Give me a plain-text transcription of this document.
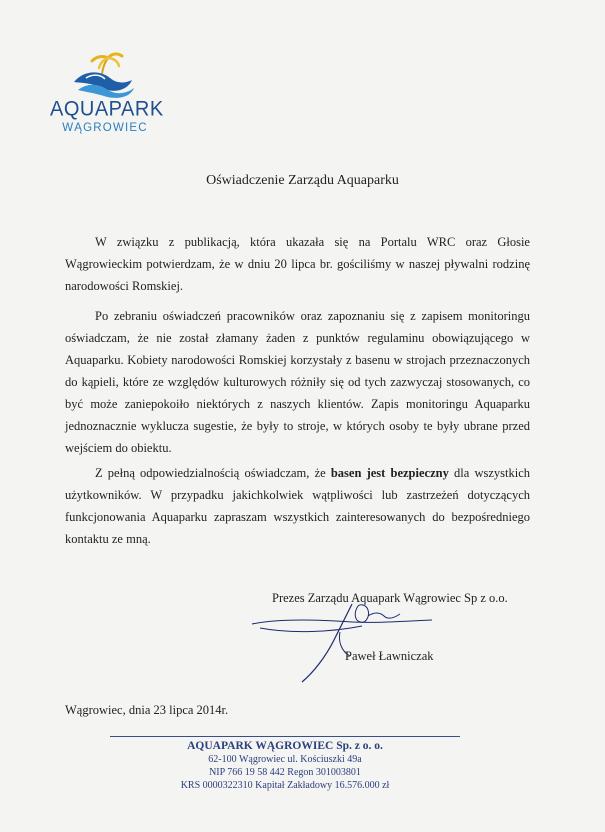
AQUAPARK
WĄGROWIEC
Oświadczenie Zarządu Aquaparku

W związku z publikacją, która ukazała się na Portalu WRC oraz Głosie Wągrowieckim potwierdzam, że w dniu 20 lipca br. gościliśmy w naszej pływalni rodzinę narodowości Romskiej.

Po zebraniu oświadczeń pracowników oraz zapoznaniu się z zapisem monitoringu oświadczam, że nie został złamany żaden z punktów regulaminu obowiązującego w Aquaparku. Kobiety narodowości Romskiej korzystały z basenu w strojach przeznaczonych do kąpieli, które ze względów kulturowych różniły się od tych zazwyczaj stosowanych, co być może zaniepokoiło niektórych z naszych klientów. Zapis monitoringu Aquaparku jednoznacznie wyklucza sugestie, że były to stroje, w których osoby te były ubrane przed wejściem do obiektu.

Z pełną odpowiedzialnością oświadczam, że basen jest bezpieczny dla wszystkich użytkowników. W przypadku jakichkolwiek wątpliwości lub zastrzeżeń dotyczących funkcjonowania Aquaparku zapraszam wszystkich zainteresowanych do bezpośredniego kontaktu ze mną.

Prezes Zarządu Aquapark Wągrowiec Sp z o.o.
Paweł Ławniczak
Wągrowiec, dnia 23 lipca 2014r.
AQUAPARK WĄGROWIEC Sp. z o. o.
62-100 Wągrowiec ul. Kościuszki 49a
NIP 766 19 58 442 Regon 301003801
KRS 0000322310 Kapitał Zakładowy 16.576.000 zł
